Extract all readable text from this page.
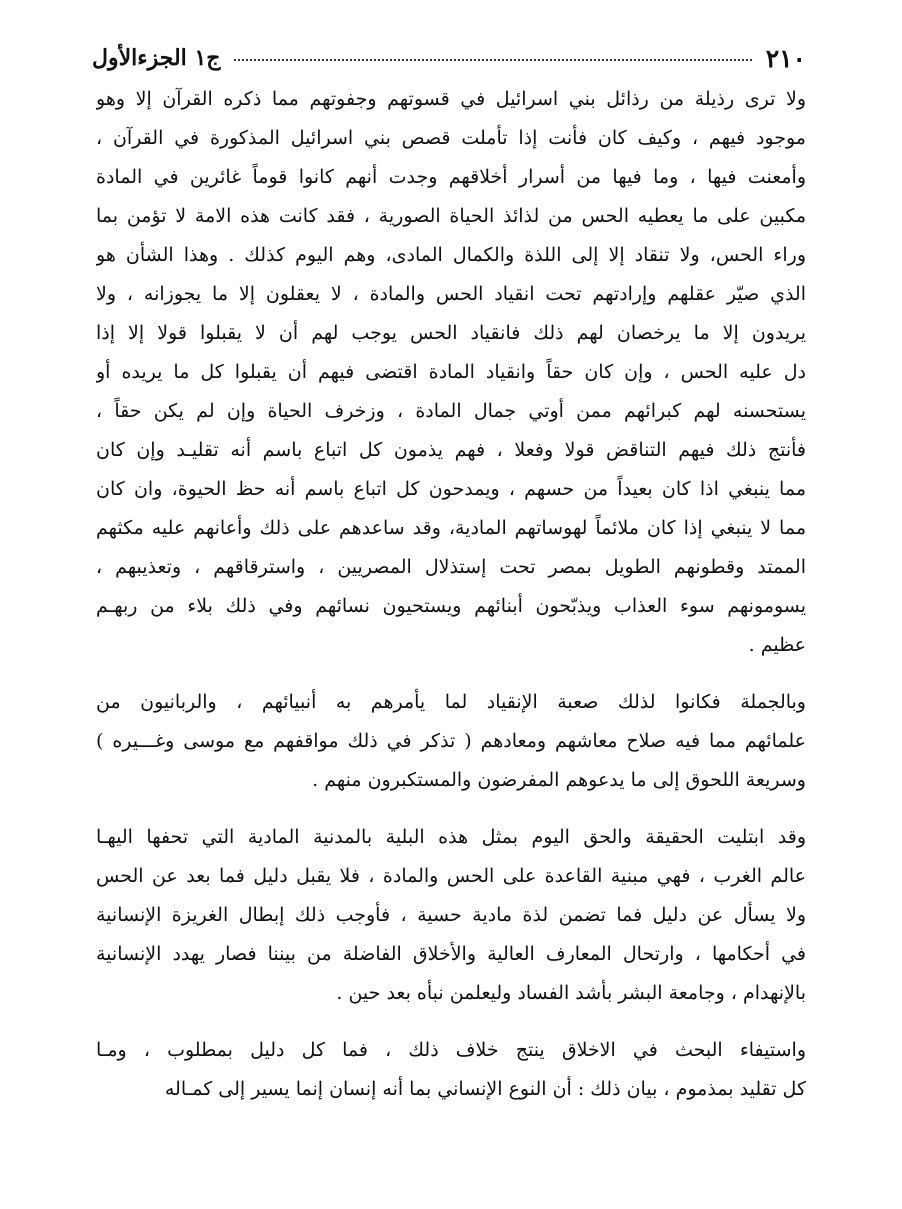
٢١٠
ج١ الجزءالأول
ولا ترى رذيلة من رذائل بني اسرائيل في قسوتهم وجفوتهم مما ذكره القرآن إلا وهو
موجود فيهم ، وكيف كان فأنت إذا تأملت قصص بني اسرائيل المذكورة في القرآن ،
وأمعنت فيها ، وما فيها من أسرار أخلاقهم وجدت أنهم كانوا قوماً غائرين في المادة
مكبين على ما يعطيه الحس من لذائذ الحياة الصورية ، فقد كانت هذه الامة لا تؤمن بما
وراء الحس، ولا تنقاد إلا إلى اللذة والكمال المادى، وهم اليوم كذلك . وهذا الشأن هو
الذي صيّر عقلهم وإرادتهم تحت انقياد الحس والمادة ، لا يعقلون إلا ما يجوزانه ، ولا
يريدون إلا ما يرخصان لهم ذلك فانقياد الحس يوجب لهم أن لا يقبلوا قولا إلا إذا
دل عليه الحس ، وإن كان حقاً وانقياد المادة اقتضى فيهم أن يقبلوا كل ما يريده أو
يستحسنه لهم كبرائهم ممن أوتي جمال المادة ، وزخرف الحياة وإن لم يكن حقاً ،
فأنتج ذلك فيهم التناقض قولا وفعلا ، فهم يذمون كل اتباع باسم أنه تقليـد وإن كان
مما ينبغي اذا كان بعيداً من حسهم ، ويمدحون كل اتباع باسم أنه حظ الحيوة، وان كان
مما لا ينبغي إذا كان ملائماً لهوساتهم المادية، وقد ساعدهم على ذلك وأعانهم عليه مكثهم
الممتد وقطونهم الطويل بمصر تحت إستذلال المصريين ، واسترقاقهم ، وتعذيبهم ،
يسومونهم سوء العذاب ويذبّحون أبنائهم ويستحيون نسائهم وفي ذلك بلاء من ربهـم
عظيم .
وبالجملة فكانوا لذلك صعبة الإنقياد لما يأمرهم به أنبيائهم ، والربانيون من
علمائهم مما فيه صلاح معاشهم ومعادهم ( تذكر في ذلك مواقفهم مع موسى وغـــيره )
وسريعة اللحوق إلى ما يدعوهم المفرضون والمستكبرون منهم .
وقد ابتليت الحقيقة والحق اليوم بمثل هذه البلية بالمدنية المادية التي تحفها اليهـا
عالم الغرب ، فهي مبنية القاعدة على الحس والمادة ، فلا يقبل دليل فما بعد عن الحس
ولا يسأل عن دليل فما تضمن لذة مادية حسية ، فأوجب ذلك إبطال الغريزة الإنسانية
في أحكامها ، وارتحال المعارف العالية والأخلاق الفاضلة من بيننا فصار يهدد الإنسانية
بالإنهدام ، وجامعة البشر بأشد الفساد وليعلمن نبأه بعد حين .
واستيفاء البحث في الاخلاق ينتج خلاف ذلك ، فما كل دليل بمطلوب ، ومـا
كل تقليد بمذموم ، بيان ذلك : أن النوع الإنساني بما أنه إنسان إنما يسير إلى كمـاله
